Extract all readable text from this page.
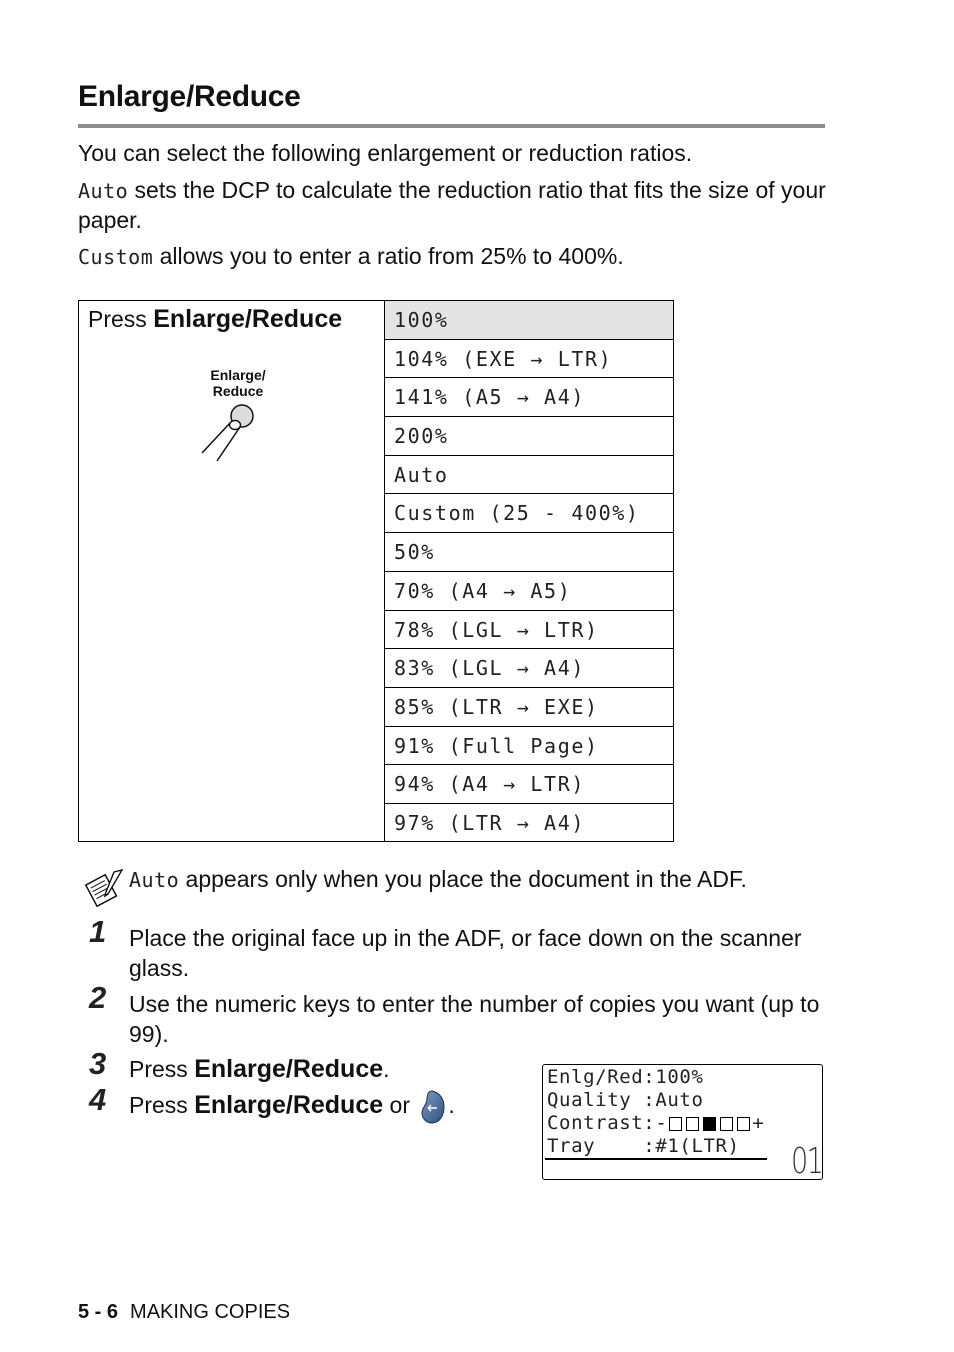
Enlarge/Reduce

You can select the following enlargement or reduction ratios.

Auto sets the DCP to calculate the reduction ratio that fits the size of your paper.

Custom allows you to enter a ratio from 25% to 400%.

Press Enlarge/Reduce
Enlarge/
Reduce
100%
104% (EXE → LTR)
141% (A5 → A4)
200%
Auto
Custom (25 - 400%)
50%
70% (A4 → A5)
78% (LGL → LTR)
83% (LGL → A4)
85% (LTR → EXE)
91% (Full Page)
94% (A4 → LTR)
97% (LTR → A4)

Auto appears only when you place the document in the ADF.

1 Place the original face up in the ADF, or face down on the scanner glass.

2 Use the numeric keys to enter the number of copies you want (up to 99).

3 Press Enlarge/Reduce.

4 Press Enlarge/Reduce or .

Enlg/Red:100%
Quality :Auto
Contrast:-	+
Tray    :#1(LTR)	01
5 - 6 MAKING COPIES
